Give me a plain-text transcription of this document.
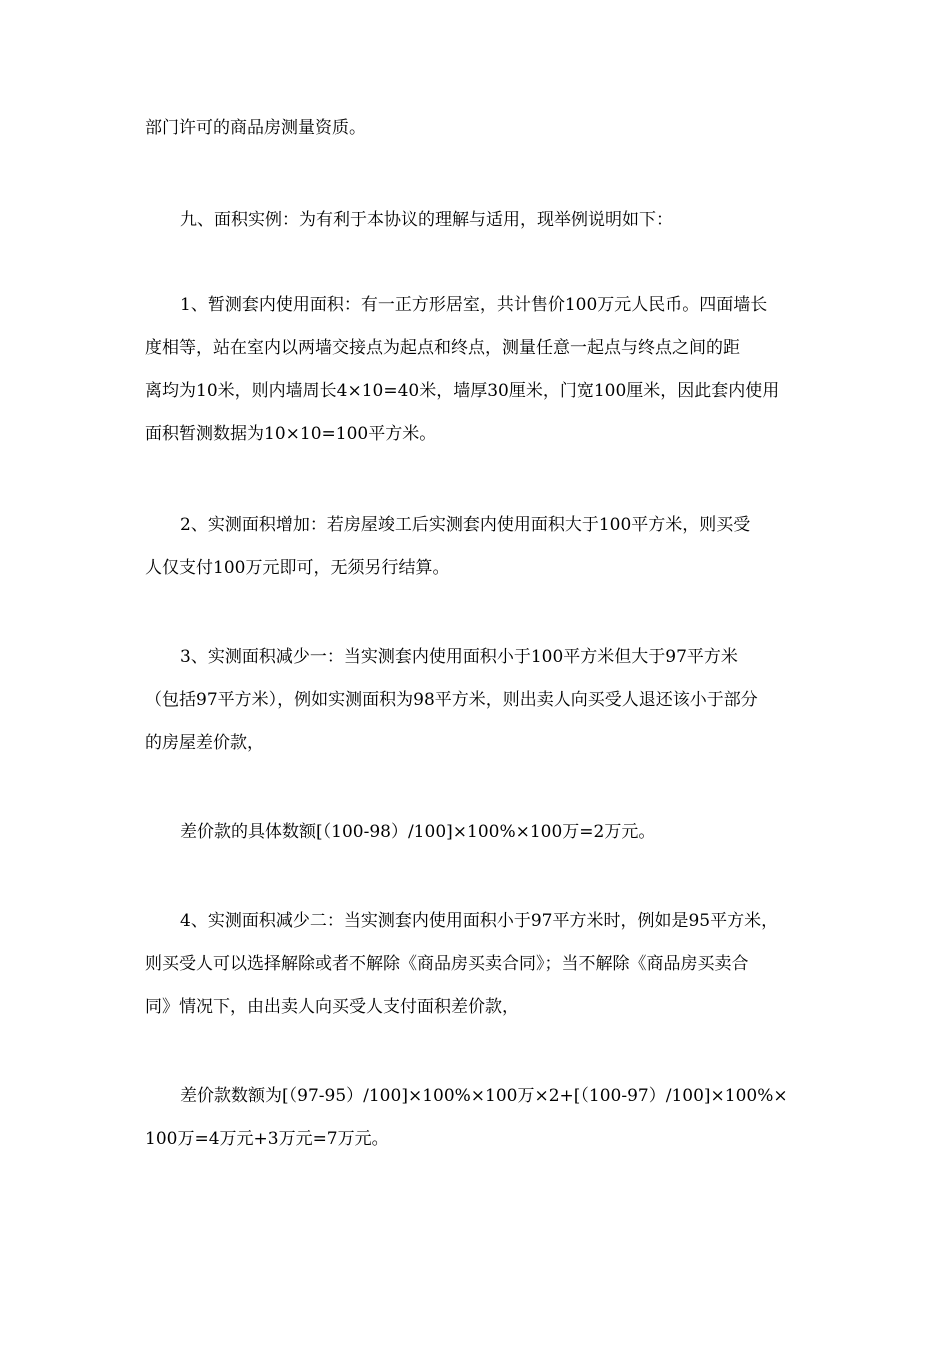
部门许可的商品房测量资质。
九、面积实例：为有利于本协议的理解与适用，现举例说明如下：
1、暂测套内使用面积：有一正方形居室，共计售价100万元人民币。四面墙长
度相等，站在室内以两墙交接点为起点和终点，测量任意一起点与终点之间的距
离均为10米，则内墙周长4×10=40米，墙厚30厘米，门宽100厘米，因此套内使用
面积暂测数据为10×10=100平方米。
2、实测面积增加：若房屋竣工后实测套内使用面积大于100平方米，则买受
人仅支付100万元即可，无须另行结算。
3、实测面积减少一：当实测套内使用面积小于100平方米但大于97平方米
（包括97平方米），例如实测面积为98平方米，则出卖人向买受人退还该小于部分
的房屋差价款，
差价款的具体数额[（100-98）/100]×100%×100万=2万元。
4、实测面积减少二：当实测套内使用面积小于97平方米时，例如是95平方米，
则买受人可以选择解除或者不解除《商品房买卖合同》；当不解除《商品房买卖合
同》情况下，由出卖人向买受人支付面积差价款，
差价款数额为[（97-95）/100]×100%×100万×2+[（100-97）/100]×100%×
100万=4万元+3万元=7万元。
